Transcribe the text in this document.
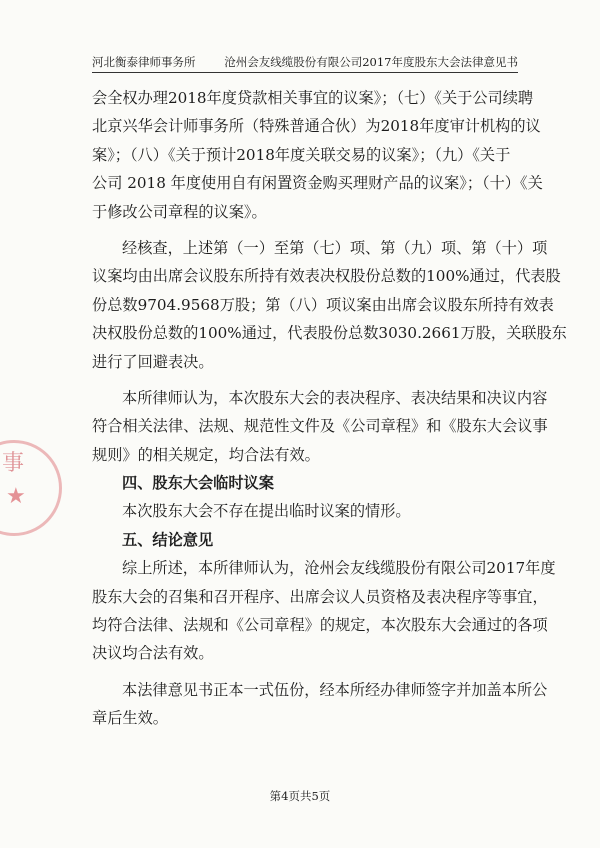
事
★
河北衡泰律师事务所 沧州会友线缆股份有限公司2017年度股东大会法律意见书
会全权办理2018年度贷款相关事宜的议案》；（七）《关于公司续聘
北京兴华会计师事务所（特殊普通合伙）为2018年度审计机构的议
案》；（八）《关于预计2018年度关联交易的议案》；（九）《关于
公司 2018 年度使用自有闲置资金购买理财产品的议案》；（十）《关
于修改公司章程的议案》。
经核查，上述第（一）至第（七）项、第（九）项、第（十）项
议案均由出席会议股东所持有效表决权股份总数的100%通过，代表股
份总数9704.9568万股；第（八）项议案由出席会议股东所持有效表
决权股份总数的100%通过，代表股份总数3030.2661万股，关联股东
进行了回避表决。
本所律师认为，本次股东大会的表决程序、表决结果和决议内容
符合相关法律、法规、规范性文件及《公司章程》和《股东大会议事
规则》的相关规定，均合法有效。
四、股东大会临时议案
本次股东大会不存在提出临时议案的情形。
五、结论意见
综上所述，本所律师认为，沧州会友线缆股份有限公司2017年度
股东大会的召集和召开程序、出席会议人员资格及表决程序等事宜，
均符合法律、法规和《公司章程》的规定，本次股东大会通过的各项
决议均合法有效。
本法律意见书正本一式伍份，经本所经办律师签字并加盖本所公
章后生效。
第4页共5页
